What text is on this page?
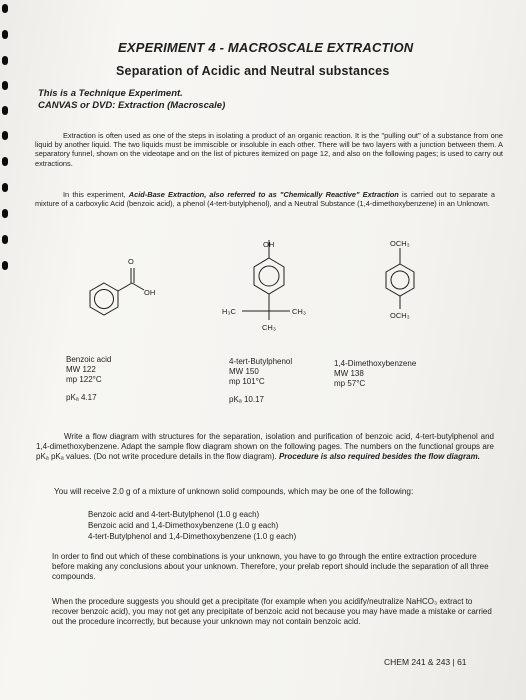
EXPERIMENT 4 - MACROSCALE EXTRACTION

Separation of Acidic and Neutral substances

This is a Technique Experiment.
CANVAS or DVD: Extraction (Macroscale)

Extraction is often used as one of the steps in isolating a product of an organic reaction. It is the "pulling out" of a substance from one liquid by another liquid. The two liquids must be immiscible or insoluble in each other. There will be two layers with a junction between them. A separatory funnel, shown on the videotape and on the list of pictures itemized on page 12, and also on the following pages; is used to carry out extractions.

In this experiment, Acid-Base Extraction, also referred to as "Chemically Reactive" Extraction is carried out to separate a mixture of a carboxylic Acid (benzoic acid), a phenol (4-tert-butylphenol), and a Neutral Substance (1,4-dimethoxybenzene) in an Unknown.

O
OH
OH
H₃C	CH₃
CH₃
OCH₃
OCH₃
Benzoic acid
MW 122
mp 122°C
pKₐ 4.17
4-tert-Butylphenol
MW 150
mp 101°C
pKₐ 10.17
1,4-Dimethoxybenzene
MW 138
mp 57°C

Write a flow diagram with structures for the separation, isolation and purification of benzoic acid, 4-tert-butylphenol and 1,4-dimethoxybenzene. Adapt the sample flow diagram shown on the following pages. The numbers on the functional groups are pKₐ pKₐ values. (Do not write procedure details in the flow diagram). Procedure is also required besides the flow diagram.

You will receive 2.0 g of a mixture of unknown solid compounds, which may be one of the following:

Benzoic acid and 4-tert-Butylphenol (1.0 g each)
Benzoic acid and 1,4-Dimethoxybenzene (1.0 g each)
4-tert-Butylphenol and 1,4-Dimethoxybenzene (1.0 g each)

In order to find out which of these combinations is your unknown, you have to go through the entire extraction procedure before making any conclusions about your unknown. Therefore, your prelab report should include the separation of all three compounds.

When the procedure suggests you should get a precipitate (for example when you acidify/neutralize NaHCO₃ extract to recover benzoic acid), you may not get any precipitate of benzoic acid not because you may have made a mistake or carried out the procedure incorrectly, but because your unknown may not contain benzoic acid.

CHEM 241 & 243 | 61
